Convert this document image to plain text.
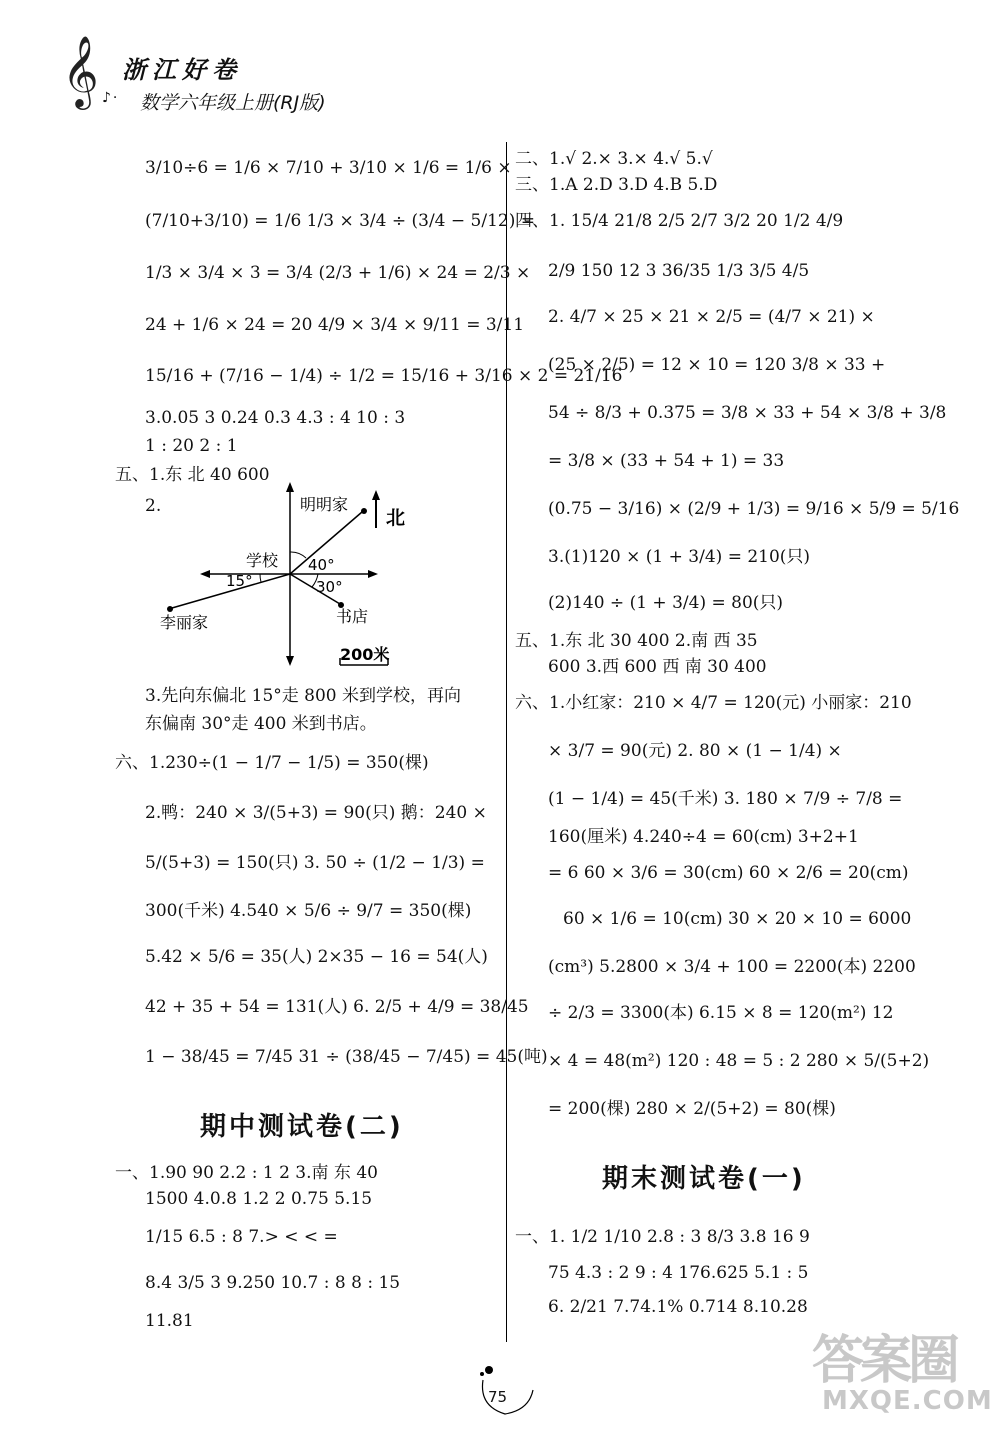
𝄞 浙江好卷
♪· 数学六年级上册(RJ版)
3/10÷6 = 1/6 × 7/10 + 3/10 × 1/6 = 1/6 ×
(7/10+3/10) = 1/6 1/3 × 3/4 ÷ (3/4 − 5/12) =
1/3 × 3/4 × 3 = 3/4 (2/3 + 1/6) × 24 = 2/3 ×
24 + 1/6 × 24 = 20 4/9 × 3/4 × 9/11 = 3/11
15/16 + (7/16 − 1/4) ÷ 1/2 = 15/16 + 3/16 × 2 = 21/16
3.0.05 3 0.24 0.3 4.3 : 4 10 : 3
1 : 20 2 : 1
五、1.东 北 40 600
2.	明明家
北
学校 40°
15°	30°
李丽家	书店
200米
3.先向东偏北 15°走 800 米到学校，再向
东偏南 30°走 400 米到书店。
六、1.230÷(1 − 1/7 − 1/5) = 350(棵)
2.鸭：240 × 3/(5+3) = 90(只) 鹅：240 ×
5/(5+3) = 150(只) 3. 50 ÷ (1/2 − 1/3) =
300(千米) 4.540 × 5/6 ÷ 9/7 = 350(棵)
5.42 × 5/6 = 35(人) 2×35 − 16 = 54(人)
42 + 35 + 54 = 131(人) 6. 2/5 + 4/9 = 38/45
1 − 38/45 = 7/45 31 ÷ (38/45 − 7/45) = 45(吨)
期中测试卷(二)
一、1.90 90 2.2 : 1 2 3.南 东 40
1500 4.0.8 1.2 2 0.75 5.15
1/15 6.5 : 8 7.> < < =
8.4 3/5 3 9.250 10.7 : 8 8 : 15
11.81
二、1.√ 2.× 3.× 4.√ 5.√
三、1.A 2.D 3.D 4.B 5.D
四、1. 15/4 21/8 2/5 2/7 3/2 20 1/2 4/9
2/9 150 12 3 36/35 1/3 3/5 4/5
2. 4/7 × 25 × 21 × 2/5 = (4/7 × 21) ×
(25 × 2/5) = 12 × 10 = 120 3/8 × 33 +
54 ÷ 8/3 + 0.375 = 3/8 × 33 + 54 × 3/8 + 3/8
= 3/8 × (33 + 54 + 1) = 33
(0.75 − 3/16) × (2/9 + 1/3) = 9/16 × 5/9 = 5/16
3.(1)120 × (1 + 3/4) = 210(只)
(2)140 ÷ (1 + 3/4) = 80(只)
五、1.东 北 30 400 2.南 西 35
600 3.西 600 西 南 30 400
六、1.小红家：210 × 4/7 = 120(元) 小丽家：210
× 3/7 = 90(元) 2. 80 × (1 − 1/4) ×
(1 − 1/4) = 45(千米) 3. 180 × 7/9 ÷ 7/8 =
160(厘米) 4.240÷4 = 60(cm) 3+2+1
= 6 60 × 3/6 = 30(cm) 60 × 2/6 = 20(cm)
60 × 1/6 = 10(cm) 30 × 20 × 10 = 6000
(cm³) 5.2800 × 3/4 + 100 = 2200(本) 2200
÷ 2/3 = 3300(本) 6.15 × 8 = 120(m²) 12
× 4 = 48(m²) 120 : 48 = 5 : 2 280 × 5/(5+2)
= 200(棵) 280 × 2/(5+2) = 80(棵)
期末测试卷(一)
一、1. 1/2 1/10 2.8 : 3 8/3 3.8 16 9
75 4.3 : 2 9 : 4 176.625 5.1 : 5
6. 2/21 7.74.1% 0.714 8.10.28
75
答案圈
MXQE.COM
